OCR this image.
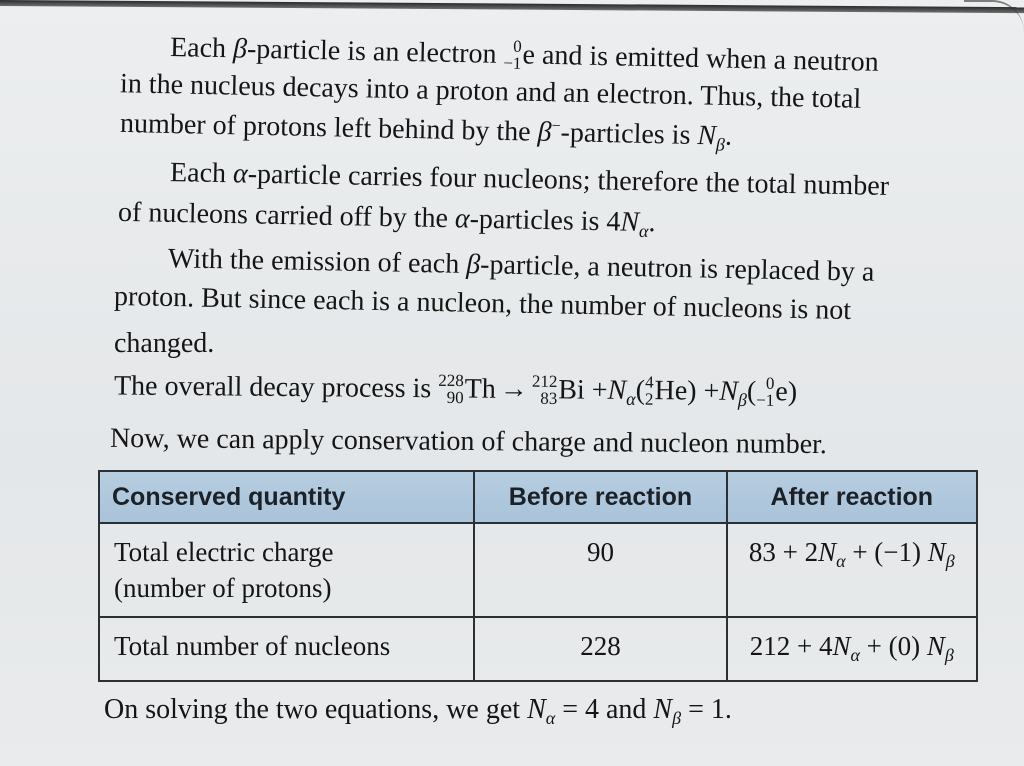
Each β-particle is an electron 0
−1 e and is emitted when a neutron
in the nucleus decays into a proton and an electron. Thus, the total
number of protons left behind by the β−-particles is $N_\beta$.
Each α-particle carries four nucleons; therefore the total number
of nucleons carried off by the α-particles is $4N_\alpha$.
With the emission of each β-particle, a neutron is replaced by a
proton. But since each is a nucleon, the number of nucleons is not
changed.
The overall decay process is 228
90 Th → 212
83 $Bi +N_\alpha$( 4
2 $He) +N_\beta$( 0
−1 e)
Now, we can apply conservation of charge and nucleon number.
Conserved quantity	Before reaction	After reaction

Total electric charge
(number of protons)	90	$83 + 2N_\alpha + (-1)$ $N_\beta$

Total number of nucleons	228	$212 + 4N_\alpha + (0)$ $N_\beta$
On solving the two equations, we get $N_\alpha = 4$ and $N_\beta = 1$.
